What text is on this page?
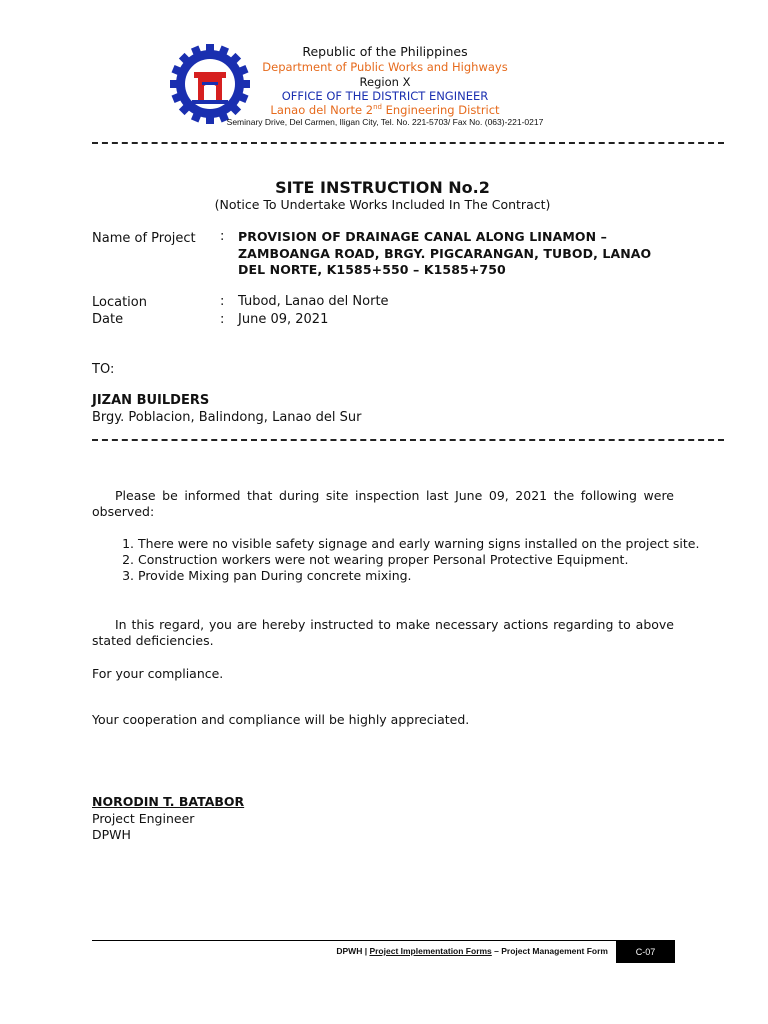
Republic of the Philippines
Department of Public Works and Highways
Region X
OFFICE OF THE DISTRICT ENGINEER
Lanao del Norte 2nd Engineering District
Seminary Drive, Del Carmen, Iligan City, Tel. No. 221-5703/ Fax No. (063)-221-0217
SITE INSTRUCTION No.2
(Notice To Undertake Works Included In The Contract)
Name of Project : PROVISION OF DRAINAGE CANAL ALONG LINAMON – ZAMBOANGA ROAD, BRGY. PIGCARANGAN, TUBOD, LANAO DEL NORTE, K1585+550 – K1585+750
Location	: Tubod, Lanao del Norte
Date	: June 09, 2021
TO:
JIZAN BUILDERS
Brgy. Poblacion, Balindong, Lanao del Sur
Please be informed that during site inspection last June 09, 2021 the following were observed:
1. There were no visible safety signage and early warning signs installed on the project site.
2. Construction workers were not wearing proper Personal Protective Equipment.
3. Provide Mixing pan During concrete mixing.
In this regard, you are hereby instructed to make necessary actions regarding to above stated deficiencies.
For your compliance.
Your cooperation and compliance will be highly appreciated.
NORODIN T. BATABOR
Project Engineer
DPWH
DPWH | Project Implementation Forms – Project Management Form	C-07
